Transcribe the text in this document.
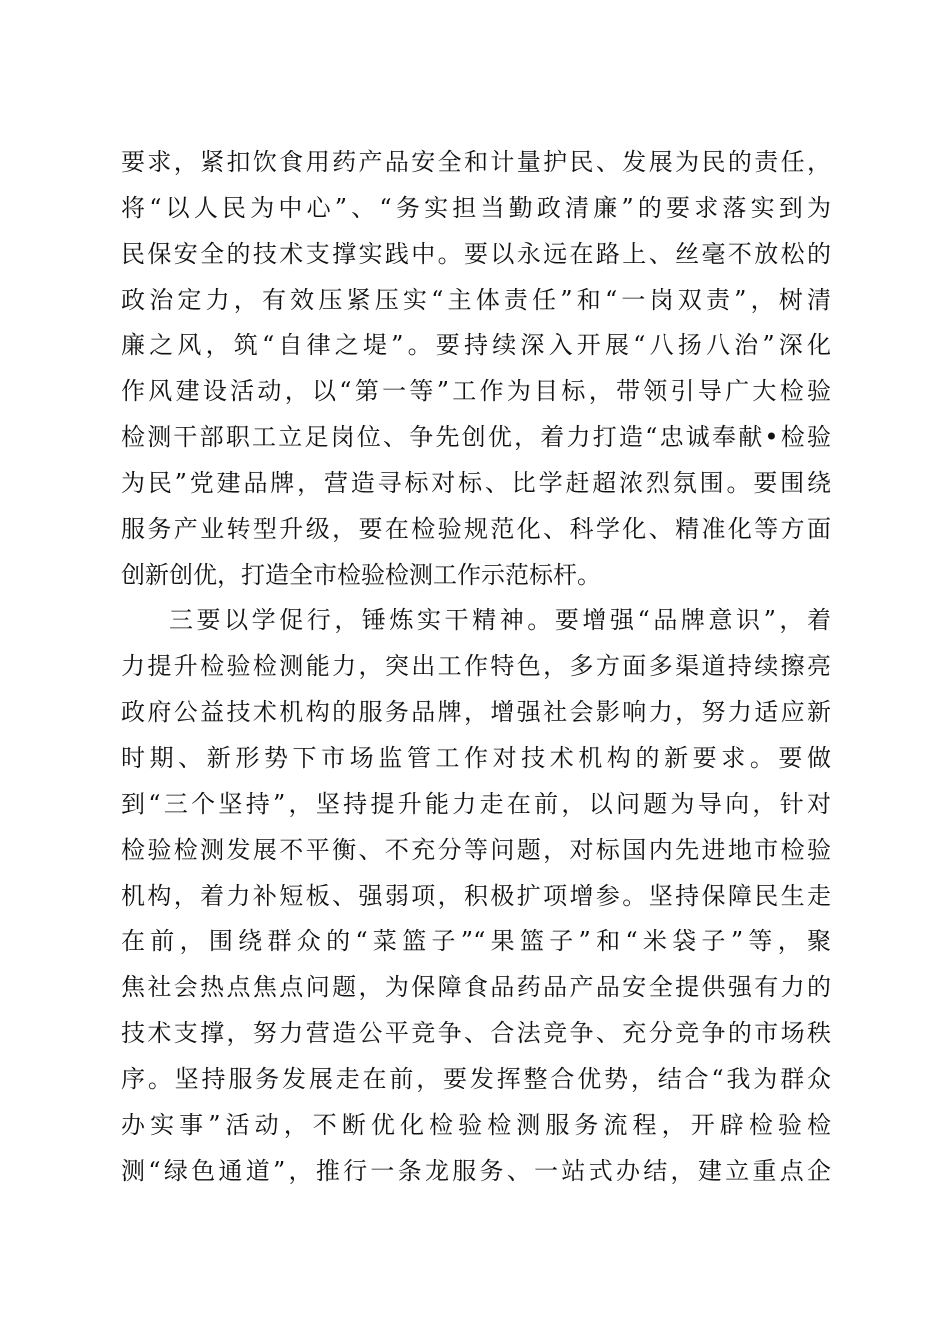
要求，紧扣饮食用药产品安全和计量护民、发展为民的责任，
将“以人民为中心”、“务实担当勤政清廉”的要求落实到为
民保安全的技术支撑实践中。要以永远在路上、丝毫不放松的
政治定力，有效压紧压实“主体责任”和“一岗双责”，树清
廉之风，筑“自律之堤”。要持续深入开展“八扬八治”深化
作风建设活动，以“第一等”工作为目标，带领引导广大检验
检测干部职工立足岗位、争先创优，着力打造“忠诚奉献•检验
为民”党建品牌，营造寻标对标、比学赶超浓烈氛围。要围绕
服务产业转型升级，要在检验规范化、科学化、精准化等方面
创新创优，打造全市检验检测工作示范标杆。
三要以学促行，锤炼实干精神。要增强“品牌意识”，着
力提升检验检测能力，突出工作特色，多方面多渠道持续擦亮
政府公益技术机构的服务品牌，增强社会影响力，努力适应新
时期、新形势下市场监管工作对技术机构的新要求。要做
到“三个坚持”，坚持提升能力走在前，以问题为导向，针对
检验检测发展不平衡、不充分等问题，对标国内先进地市检验
机构，着力补短板、强弱项，积极扩项增参。坚持保障民生走
在前，围绕群众的“菜篮子”“果篮子”和“米袋子”等，聚
焦社会热点焦点问题，为保障食品药品产品安全提供强有力的
技术支撑，努力营造公平竞争、合法竞争、充分竞争的市场秩
序。坚持服务发展走在前，要发挥整合优势，结合“我为群众
办实事”活动，不断优化检验检测服务流程，开辟检验检
测“绿色通道”，推行一条龙服务、一站式办结，建立重点企
